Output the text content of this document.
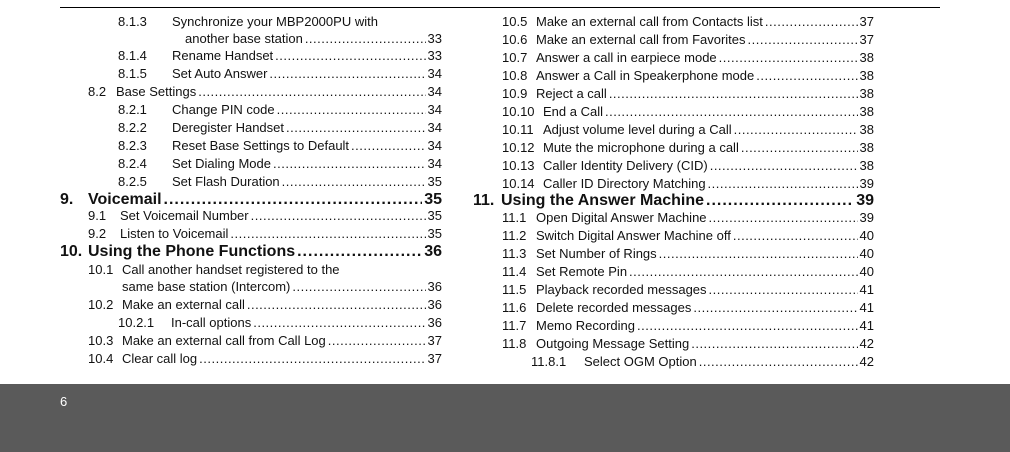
8.1.3	Synchronize your MBP2000PU with
another base station .....	33
8.1.4	Rename Handset .....	33
8.1.5	Set Auto Answer .....	34
8.2 Base Settings .....	34
8.2.1	Change PIN code .....	34
8.2.2	Deregister Handset .....	34
8.2.3	Reset Base Settings to Default .....	34
8.2.4	Set Dialing Mode .....	34
8.2.5	Set Flash Duration .....	35
9. Voicemail .....	35
9.1	Set Voicemail Number .....	35
9.2	Listen to Voicemail .....	35
10. Using the Phone Functions .....	36
10.1 Call another handset registered to the
same base station (Intercom) .....	36
10.2 Make an external call .....	36
10.2.1	In-call options .....	36
10.3 Make an external call from Call Log .....	37
10.4 Clear call log .....	37
10.5 Make an external call from Contacts list .....	37
10.6 Make an external call from Favorites .....	37
10.7 Answer a call in earpiece mode .....	38
10.8 Answer a Call in Speakerphone mode .....	38
10.9 Reject a call .....	38
10.10 End a Call .....	38
10.11 Adjust volume level during a Call .....	38
10.12 Mute the microphone during a call .....	38
10.13 Caller Identity Delivery (CID) .....	38
10.14 Caller ID Directory Matching .....	39
11. Using the Answer Machine .....	39
11.1 Open Digital Answer Machine .....	39
11.2 Switch Digital Answer Machine off .....	40
11.3 Set Number of Rings .....	40
11.4 Set Remote Pin .....	40
11.5 Playback recorded messages .....	41
11.6 Delete recorded messages .....	41
11.7 Memo Recording .....	41
11.8 Outgoing Message Setting .....	42
11.8.1	Select OGM Option .....	42
6
